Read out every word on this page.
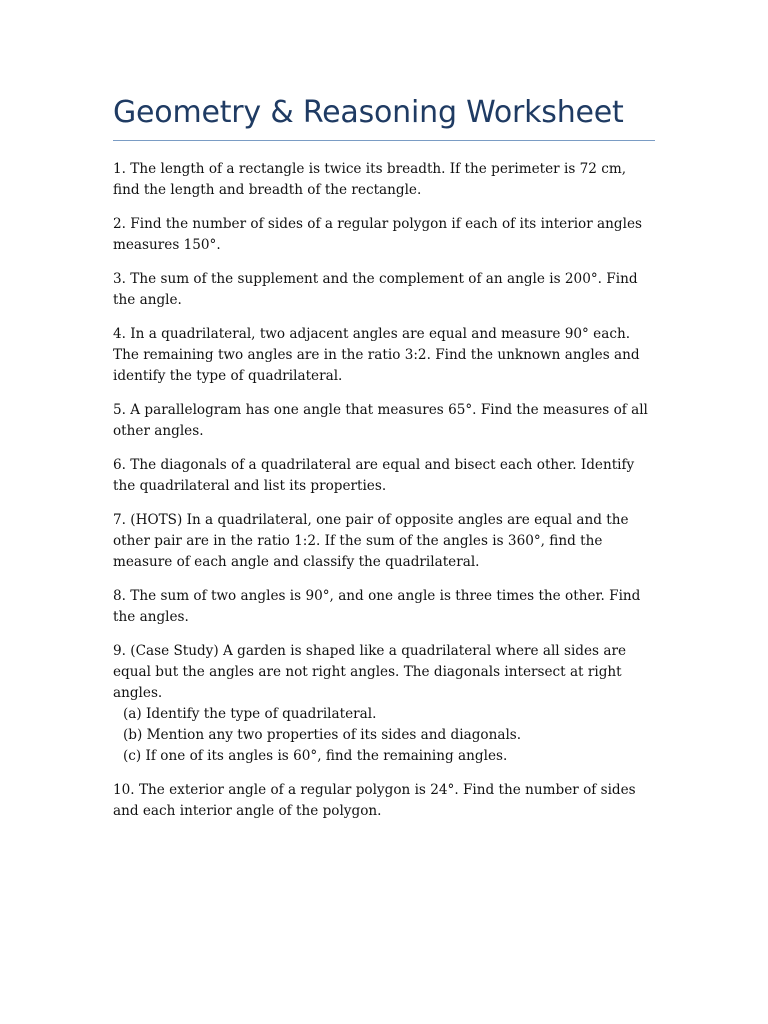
Geometry & Reasoning Worksheet

1. The length of a rectangle is twice its breadth. If the perimeter is 72 cm, find the length and breadth of the rectangle.

2. Find the number of sides of a regular polygon if each of its interior angles measures 150°.

3. The sum of the supplement and the complement of an angle is 200°. Find the angle.

4. In a quadrilateral, two adjacent angles are equal and measure 90° each. The remaining two angles are in the ratio 3:2. Find the unknown angles and identify the type of quadrilateral.

5. A parallelogram has one angle that measures 65°. Find the measures of all other angles.

6. The diagonals of a quadrilateral are equal and bisect each other. Identify the quadrilateral and list its properties.

7. (HOTS) In a quadrilateral, one pair of opposite angles are equal and the other pair are in the ratio 1:2. If the sum of the angles is 360°, find the measure of each angle and classify the quadrilateral.

8. The sum of two angles is 90°, and one angle is three times the other. Find the angles.

9. (Case Study) A garden is shaped like a quadrilateral where all sides are equal but the angles are not right angles. The diagonals intersect at right angles.
(a) Identify the type of quadrilateral.
(b) Mention any two properties of its sides and diagonals.
(c) If one of its angles is 60°, find the remaining angles.

10. The exterior angle of a regular polygon is 24°. Find the number of sides and each interior angle of the polygon.
